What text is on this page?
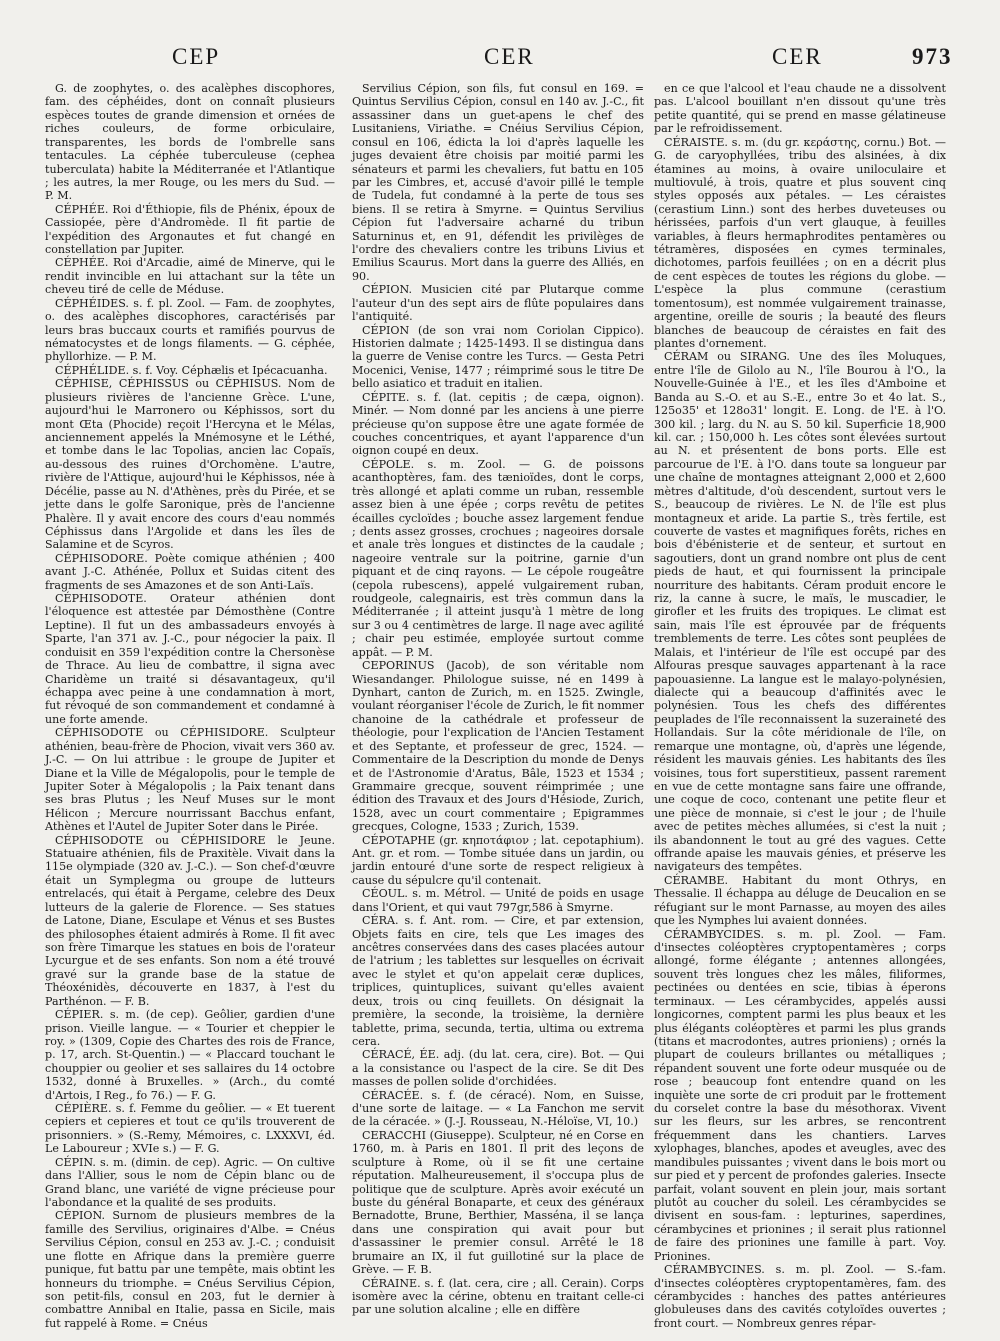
CEP	CER	CER	973

G. de zoophytes, o. des acalèphes discophores, fam. des céphéides, dont on connaît plusieurs espèces toutes de grande dimension et ornées de riches couleurs, de forme orbiculaire, transparentes, les bords de l'ombrelle sans tentacules. La céphée tuberculeuse (cephea tuberculata) habite la Méditerranée et l'Atlantique ; les autres, la mer Rouge, ou les mers du Sud. — P. M.

CÉPHÉE. Roi d'Éthiopie, fils de Phénix, époux de Cassiopée, père d'Andromède. Il fit partie de l'expédition des Argonautes et fut changé en constellation par Jupiter.

CÉPHÉE. Roi d'Arcadie, aimé de Minerve, qui le rendit invincible en lui attachant sur la tête un cheveu tiré de celle de Méduse.

CÉPHÉIDES. s. f. pl. Zool. — Fam. de zoophytes, o. des acalèphes discophores, caractérisés par leurs bras buccaux courts et ramifiés pourvus de nématocystes et de longs filaments. — G. céphée, phyllorhize. — P. M.

CÉPHÉLIDE. s. f. Voy. Céphælis et Ipécacuanha.

CÉPHISE, CÉPHISSUS ou CÉPHISUS. Nom de plusieurs rivières de l'ancienne Grèce. L'une, aujourd'hui le Marronero ou Képhissos, sort du mont Œta (Phocide) reçoit l'Hercyna et le Mélas, anciennement appelés la Mnémosyne et le Léthé, et tombe dans le lac Topolias, ancien lac Copaïs, au-dessous des ruines d'Orchomène. L'autre, rivière de l'Attique, aujourd'hui le Képhissos, née à Décélie, passe au N. d'Athènes, près du Pirée, et se jette dans le golfe Saronique, près de l'ancienne Phalère. Il y avait encore des cours d'eau nommés Céphissus dans l'Argolide et dans les îles de Salamine et de Scyros.

CÉPHISODORE. Poète comique athénien ; 400 avant J.-C. Athénée, Pollux et Suidas citent des fragments de ses Amazones et de son Anti-Laïs.

CÉPHISODOTE. Orateur athénien dont l'éloquence est attestée par Démosthène (Contre Leptine). Il fut un des ambassadeurs envoyés à Sparte, l'an 371 av. J.-C., pour négocier la paix. Il conduisit en 359 l'expédition contre la Chersonèse de Thrace. Au lieu de combattre, il signa avec Charidème un traité si désavantageux, qu'il échappa avec peine à une condamnation à mort, fut révoqué de son commandement et condamné à une forte amende.

CÉPHISODOTE ou CÉPHISIDORE. Sculpteur athénien, beau-frère de Phocion, vivait vers 360 av. J.-C. — On lui attribue : le groupe de Jupiter et Diane et la Ville de Mégalopolis, pour le temple de Jupiter Soter à Mégalopolis ; la Paix tenant dans ses bras Plutus ; les Neuf Muses sur le mont Hélicon ; Mercure nourrissant Bacchus enfant, Athènes et l'Autel de Jupiter Soter dans le Pirée.

CÉPHISODOTE ou CÉPHISIDORE le Jeune. Statuaire athénien, fils de Praxitèle. Vivait dans la 115e olympiade (320 av. J.-C.). — Son chef-d'œuvre était un Symplegma ou groupe de lutteurs entrelacés, qui était à Pergame, celebre des Deux lutteurs de la galerie de Florence. — Ses statues de Latone, Diane, Esculape et Vénus et ses Bustes des philosophes étaient admirés à Rome. Il fit avec son frère Timarque les statues en bois de l'orateur Lycurgue et de ses enfants. Son nom a été trouvé gravé sur la grande base de la statue de Théoxénidès, découverte en 1837, à l'est du Parthénon. — F. B.

CÉPIER. s. m. (de cep). Geôlier, gardien d'une prison. Vieille langue. — « Tourier et cheppier le roy. » (1309, Copie des Chartes des rois de France, p. 17, arch. St-Quentin.) — « Placcard touchant le chouppier ou geolier et ses sallaires du 14 octobre 1532, donné à Bruxelles. » (Arch., du comté d'Artois, I Reg., fo 76.) — F. G.

CÉPIÈRE. s. f. Femme du geôlier. — « Et tuerent cepiers et cepieres et tout ce qu'ils trouverent de prisonniers. » (S.-Remy, Mémoires, c. LXXXVI, éd. Le Laboureur ; XVIe s.) — F. G.

CÉPIN. s. m. (dimin. de cep). Agric. — On cultive dans l'Allier, sous le nom de Cépin blanc ou de Grand blanc, une variété de vigne précieuse pour l'abondance et la qualité de ses produits.

CÉPION. Surnom de plusieurs membres de la famille des Servilius, originaires d'Albe. = Cnéus Servilius Cépion, consul en 253 av. J.-C. ; conduisit une flotte en Afrique dans la première guerre punique, fut battu par une tempête, mais obtint les honneurs du triomphe. = Cnéus Servilius Cépion, son petit-fils, consul en 203, fut le dernier à combattre Annibal en Italie, passa en Sicile, mais fut rappelé à Rome. = Cnéus

Servilius Cépion, son fils, fut consul en 169. = Quintus Servilius Cépion, consul en 140 av. J.-C., fit assassiner dans un guet-apens le chef des Lusitaniens, Viriathe. = Cnéius Servilius Cépion, consul en 106, édicta la loi d'après laquelle les juges devaient être choisis par moitié parmi les sénateurs et parmi les chevaliers, fut battu en 105 par les Cimbres, et, accusé d'avoir pillé le temple de Tudela, fut condamné à la perte de tous ses biens. Il se retira à Smyrne. = Quintus Servilius Cépion fut l'adversaire acharné du tribun Saturninus et, en 91, défendit les privilèges de l'ordre des chevaliers contre les tribuns Livius et Emilius Scaurus. Mort dans la guerre des Alliés, en 90.

CÉPION. Musicien cité par Plutarque comme l'auteur d'un des sept airs de flûte populaires dans l'antiquité.

CÉPION (de son vrai nom Coriolan Cippico). Historien dalmate ; 1425-1493. Il se distingua dans la guerre de Venise contre les Turcs. — Gesta Petri Mocenici, Venise, 1477 ; réimprimé sous le titre De bello asiatico et traduit en italien.

CÉPITE. s. f. (lat. cepitis ; de cæpa, oignon). Minér. — Nom donné par les anciens à une pierre précieuse qu'on suppose être une agate formée de couches concentriques, et ayant l'apparence d'un oignon coupé en deux.

CÉPOLE. s. m. Zool. — G. de poissons acanthoptères, fam. des tænioïdes, dont le corps, très allongé et aplati comme un ruban, ressemble assez bien à une épée ; corps revêtu de petites écailles cycloïdes ; bouche assez largement fendue ; dents assez grosses, crochues ; nageoires dorsale et anale très longues et distinctes de la caudale ; nageoire ventrale sur la poitrine, garnie d'un piquant et de cinq rayons. — Le cépole rougeâtre (cepola rubescens), appelé vulgairement ruban, roudgeole, calegnairis, est très commun dans la Méditerranée ; il atteint jusqu'à 1 mètre de long sur 3 ou 4 centimètres de large. Il nage avec agilité ; chair peu estimée, employée surtout comme appât. — P. M.

CEPORINUS (Jacob), de son véritable nom Wiesandanger. Philologue suisse, né en 1499 à Dynhart, canton de Zurich, m. en 1525. Zwingle, voulant réorganiser l'école de Zurich, le fit nommer chanoine de la cathédrale et professeur de théologie, pour l'explication de l'Ancien Testament et des Septante, et professeur de grec, 1524. — Commentaire de la Description du monde de Denys et de l'Astronomie d'Aratus, Bâle, 1523 et 1534 ; Grammaire grecque, souvent réimprimée ; une édition des Travaux et des Jours d'Hésiode, Zurich, 1528, avec un court commentaire ; Epigrammes grecques, Cologne, 1533 ; Zurich, 1539.

CÉPOTAPHE (gr. κηποτάφιον ; lat. cepotaphium). Ant. gr. et rom. — Tombe située dans un jardin, ou jardin entouré d'une sorte de respect religieux à cause du sépulcre qu'il contenait.

CÉOUL. s. m. Métrol. — Unité de poids en usage dans l'Orient, et qui vaut 797gr,586 à Smyrne.

CÉRA. s. f. Ant. rom. — Cire, et par extension, Objets faits en cire, tels que Les images des ancêtres conservées dans des cases placées autour de l'atrium ; les tablettes sur lesquelles on écrivait avec le stylet et qu'on appelait ceræ duplices, triplices, quintuplices, suivant qu'elles avaient deux, trois ou cinq feuillets. On désignait la première, la seconde, la troisième, la dernière tablette, prima, secunda, tertia, ultima ou extrema cera.

CÉRACÉ, ÉE. adj. (du lat. cera, cire). Bot. — Qui a la consistance ou l'aspect de la cire. Se dit Des masses de pollen solide d'orchidées.

CÉRACÉE. s. f. (de céracé). Nom, en Suisse, d'une sorte de laitage. — « La Fanchon me servit de la céracée. » (J.-J. Rousseau, N.-Héloïse, VI, 10.)

CERACCHI (Giuseppe). Sculpteur, né en Corse en 1760, m. à Paris en 1801. Il prit des leçons de sculpture à Rome, où il se fit une certaine réputation. Malheureusement, il s'occupa plus de politique que de sculpture. Après avoir exécuté un buste du général Bonaparte, et ceux des généraux Bernadotte, Brune, Berthier, Masséna, il se lança dans une conspiration qui avait pour but d'assassiner le premier consul. Arrêté le 18 brumaire an IX, il fut guillotiné sur la place de Grève. — F. B.

CÉRAINE. s. f. (lat. cera, cire ; all. Cerain). Corps isomère avec la cérine, obtenu en traitant celle-ci par une solution alcaline ; elle en diffère

en ce que l'alcool et l'eau chaude ne a dissolvent pas. L'alcool bouillant n'en dissout qu'une très petite quantité, qui se prend en masse gélatineuse par le refroidissement.

CÉRAISTE. s. m. (du gr. κεράστης, cornu.) Bot. — G. de caryophyllées, tribu des alsinées, à dix étamines au moins, à ovaire uniloculaire et multiovulé, à trois, quatre et plus souvent cinq styles opposés aux pétales. — Les céraistes (cerastium Linn.) sont des herbes duveteuses ou hérissées, parfois d'un vert glauque, à feuilles variables, à fleurs hermaphrodites pentamères ou tétramères, disposées en cymes terminales, dichotomes, parfois feuillées ; on en a décrit plus de cent espèces de toutes les régions du globe. — L'espèce la plus commune (cerastium tomentosum), est nommée vulgairement trainasse, argentine, oreille de souris ; la beauté des fleurs blanches de beaucoup de céraistes en fait des plantes d'ornement.

CÉRAM ou SIRANG. Une des îles Moluques, entre l'île de Gilolo au N., l'île Bourou à l'O., la Nouvelle-Guinée à l'E., et les îles d'Amboine et Banda au S.-O. et au S.-E., entre 3o et 4o lat. S., 125o35' et 128o31' longit. E. Long. de l'E. à l'O. 300 kil. ; larg. du N. au S. 50 kil. Superficie 18,900 kil. car. ; 150,000 h. Les côtes sont élevées surtout au N. et présentent de bons ports. Elle est parcourue de l'E. à l'O. dans toute sa longueur par une chaîne de montagnes atteignant 2,000 et 2,600 mètres d'altitude, d'où descendent, surtout vers le S., beaucoup de rivières. Le N. de l'île est plus montagneux et aride. La partie S., très fertile, est couverte de vastes et magnifiques forêts, riches en bois d'ébénisterie et de senteur, et surtout en sagoutiers, dont un grand nombre ont plus de cent pieds de haut, et qui fournissent la principale nourriture des habitants. Céram produit encore le riz, la canne à sucre, le maïs, le muscadier, le girofler et les fruits des tropiques. Le climat est sain, mais l'île est éprouvée par de fréquents tremblements de terre. Les côtes sont peuplées de Malais, et l'intérieur de l'île est occupé par des Alfouras presque sauvages appartenant à la race papouasienne. La langue est le malayo-polynésien, dialecte qui a beaucoup d'affinités avec le polynésien. Tous les chefs des différentes peuplades de l'île reconnaissent la suzeraineté des Hollandais. Sur la côte méridionale de l'île, on remarque une montagne, où, d'après une légende, résident les mauvais génies. Les habitants des îles voisines, tous fort superstitieux, passent rarement en vue de cette montagne sans faire une offrande, une coque de coco, contenant une petite fleur et une pièce de monnaie, si c'est le jour ; de l'huile avec de petites mèches allumées, si c'est la nuit ; ils abandonnent le tout au gré des vagues. Cette offrande apaise les mauvais génies, et préserve les navigateurs des tempêtes.

CÉRAMBE. Habitant du mont Othrys, en Thessalie. Il échappa au déluge de Deucalion en se réfugiant sur le mont Parnasse, au moyen des ailes que les Nymphes lui avaient données.

CÉRAMBYCIDES. s. m. pl. Zool. — Fam. d'insectes coléoptères cryptopentamères ; corps allongé, forme élégante ; antennes allongées, souvent très longues chez les mâles, filiformes, pectinées ou dentées en scie, tibias à éperons terminaux. — Les cérambycides, appelés aussi longicornes, comptent parmi les plus beaux et les plus élégants coléoptères et parmi les plus grands (titans et macrodontes, autres prioniens) ; ornés la plupart de couleurs brillantes ou métalliques ; répandent souvent une forte odeur musquée ou de rose ; beaucoup font entendre quand on les inquiète une sorte de cri produit par le frottement du corselet contre la base du mésothorax. Vivent sur les fleurs, sur les arbres, se rencontrent fréquemment dans les chantiers. Larves xylophages, blanches, apodes et aveugles, avec des mandibules puissantes ; vivent dans le bois mort ou sur pied et y percent de profondes galeries. Insecte parfait, volant souvent en plein jour, mais sortant plutôt au coucher du soleil. Les cérambycides se divisent en sous-fam. : lepturines, saperdines, cérambycines et prionines ; il serait plus rationnel de faire des prionines une famille à part. Voy. Prionines.

CÉRAMBYCINES. s. m. pl. Zool. — S.-fam. d'insectes coléoptères cryptopentamères, fam. des cérambycides : hanches des pattes antérieures globuleuses dans des cavités cotyloïdes ouvertes ; front court. — Nombreux genres répar-
